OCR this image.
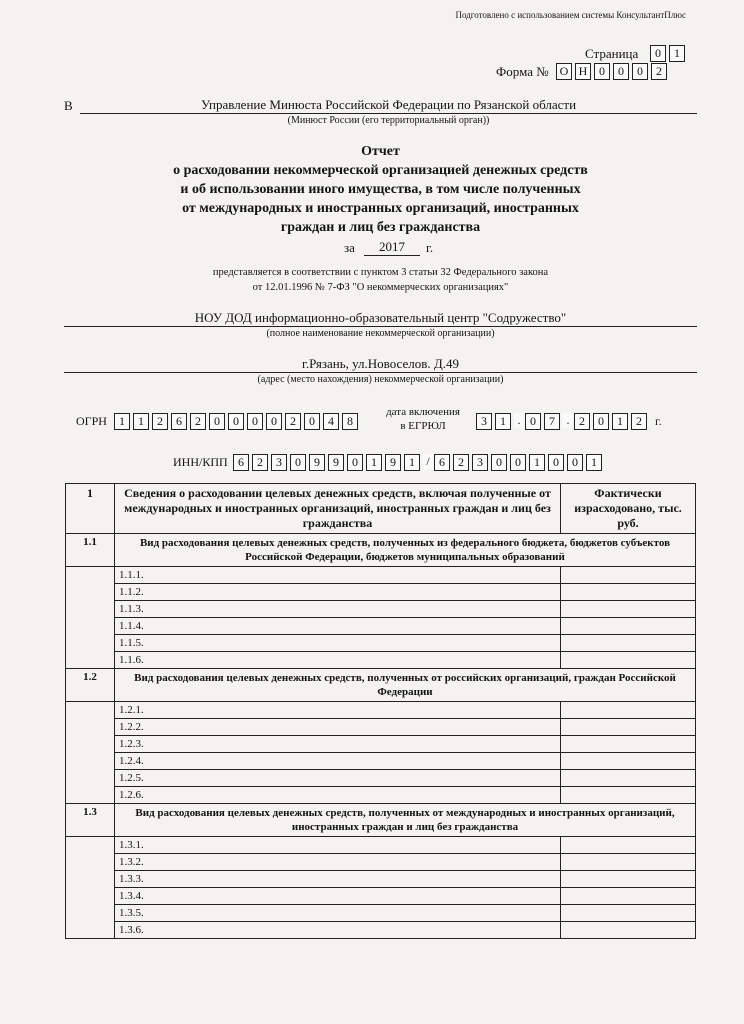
Подготовлено с использованием системы КонсультантПлюс
Страница	0	1
Форма № О Н 0	0	0	2
В	Управление Минюста Российской Федерации по Рязанской области
(Минюст России (его территориальный орган))
Отчет
о расходовании некоммерческой организацией денежных средств
и об использовании иного имущества, в том числе полученных
от международных и иностранных организаций, иностранных
граждан и лиц без гражданства
за	2017	г.
представляется в соответствии с пунктом 3 статьи 32 Федерального закона
от 12.01.1996 № 7-ФЗ "О некоммерческих организациях"
НОУ ДОД информационно-образовательный центр "Содружество"
(полное наименование некоммерческой организации)
г.Рязань, ул.Новоселов. Д.49
(адрес (место нахождения) некоммерческой организации)
ОГРН	1	1	2	6	2	0	0	0	0	2	0	4	8
дата включения
в ЕГРЮЛ	3	1 . 0	7 . 2	0	1	2	г.
ИНН/КПП 6	2	3	0	9	9	0	1	9	1 / 6	2	3	0	0	1	0	0	1
1	Сведения о расходовании целевых денежных средств, включая полученные от международных и иностранных организаций, иностранных граждан и лиц без гражданства	Фактически израсходовано, тыс. руб.
1.1	Вид расходования целевых денежных средств, полученных из федерального бюджета, бюджетов субъектов Российской Федерации, бюджетов муниципальных образований	
	1.1.1.	
	1.1.2.	
	1.1.3.	
	1.1.4.	
	1.1.5.	
	1.1.6.	
1.2	Вид расходования целевых денежных средств, полученных от российских организаций, граждан Российской Федерации	
	1.2.1.	
	1.2.2.	
	1.2.3.	
	1.2.4.	
	1.2.5.	
	1.2.6.	
1.3	Вид расходования целевых денежных средств, полученных от международных и иностранных организаций, иностранных граждан и лиц без гражданства	
	1.3.1.	
	1.3.2.	
	1.3.3.	
	1.3.4.	
	1.3.5.	
	1.3.6.	
